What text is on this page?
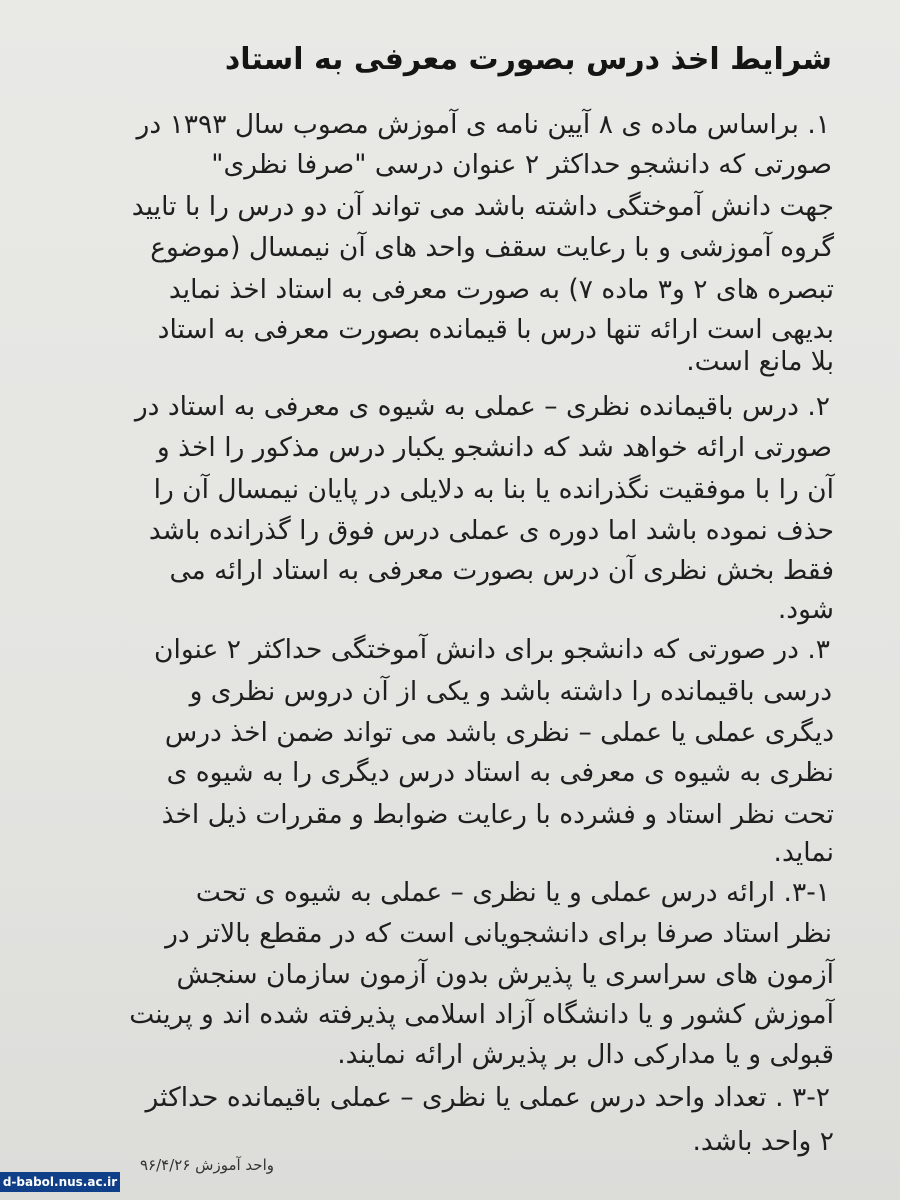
شرایط اخذ درس بصورت معرفی به استاد
۱. براساس ماده ی ۸ آیین نامه ی آموزش مصوب سال ۱۳۹۳ در
صورتی که دانشجو حداکثر ۲ عنوان درسی "صرفا نظری"
جهت دانش آموختگی داشته باشد می تواند آن دو درس را با تایید
گروه آموزشی و با رعایت سقف واحد های آن نیمسال (موضوع
تبصره های ۲ و۳ ماده ۷) به صورت معرفی به استاد اخذ نماید
بدیهی است ارائه تنها درس با قیمانده بصورت معرفی به استاد
بلا مانع است.
۲. درس باقیمانده نظری – عملی به شیوه ی معرفی به استاد در
صورتی ارائه خواهد شد که دانشجو یکبار درس مذکور را اخذ و
آن را با موفقیت نگذرانده یا بنا به دلایلی در پایان نیمسال آن را
حذف نموده باشد اما دوره ی عملی درس فوق را گذرانده باشد
فقط بخش نظری آن درس بصورت معرفی به استاد ارائه می
شود.
۳. در صورتی که دانشجو برای دانش آموختگی حداکثر ۲ عنوان
درسی باقیمانده را داشته باشد و یکی از آن دروس نظری و
دیگری عملی یا عملی – نظری باشد می تواند ضمن اخذ درس
نظری به شیوه ی معرفی به استاد درس دیگری را به شیوه ی
تحت نظر استاد و فشرده با رعایت ضوابط و مقررات ذیل اخذ
نماید.
۳-۱. ارائه درس عملی و یا نظری – عملی به شیوه ی تحت
نظر استاد صرفا برای دانشجویانی است که در مقطع بالاتر در
آزمون های سراسری یا پذیرش بدون آزمون سازمان سنجش
آموزش کشور و یا دانشگاه آزاد اسلامی پذیرفته شده اند و پرینت
قبولی و یا مدارکی دال بر پذیرش ارائه نمایند.
۳-۲ . تعداد واحد درس عملی یا نظری – عملی باقیمانده حداکثر
۲ واحد باشد.
واحد آموزش ۹۶/۴/۲۶
d-babol.nus.ac.ir
